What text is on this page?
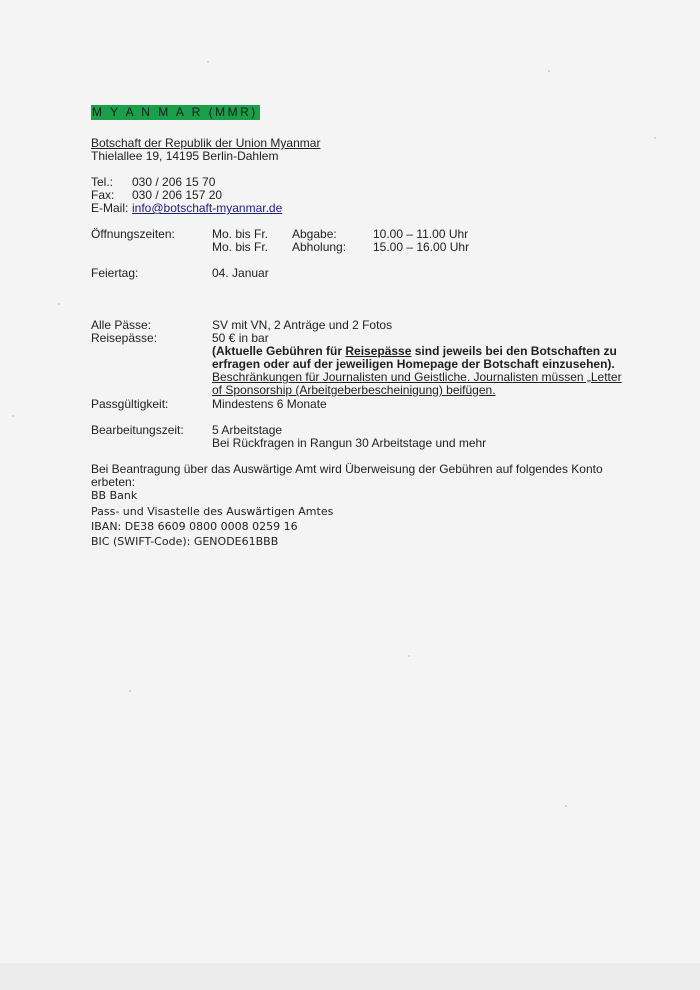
M Y A N M A R (MMR)
Botschaft der Republik der Union Myanmar
Thielallee 19, 14195 Berlin-Dahlem
Tel.: 030 / 206 15 70
Fax: 030 / 206 157 20
E-Mail: info@botschaft-myanmar.de
Öffnungszeiten:	Mo. bis Fr. Abgabe:	10.00 – 11.00 Uhr
Mo. bis Fr. Abholung: 15.00 – 16.00 Uhr
Feiertag:	04. Januar
Alle Pässe:	SV mit VN, 2 Anträge und 2 Fotos
Reisepässe:	50 € in bar
(Aktuelle Gebühren für Reisepässe sind jeweils bei den Botschaften zu
erfragen oder auf der jeweiligen Homepage der Botschaft einzusehen).
Beschränkungen für Journalisten und Geistliche. Journalisten müssen „Letter
of Sponsorship (Arbeitgeberbescheinigung) beifügen.
Passgültigkeit:	Mindestens 6 Monate
Bearbeitungszeit: 5 Arbeitstage
Bei Rückfragen in Rangun 30 Arbeitstage und mehr
Bei Beantragung über das Auswärtige Amt wird Überweisung der Gebühren auf folgendes Konto
erbeten:
BB Bank
Pass- und Visastelle des Auswärtigen Amtes
IBAN: DE38 6609 0800 0008 0259 16
BIC (SWIFT-Code): GENODE61BBB
